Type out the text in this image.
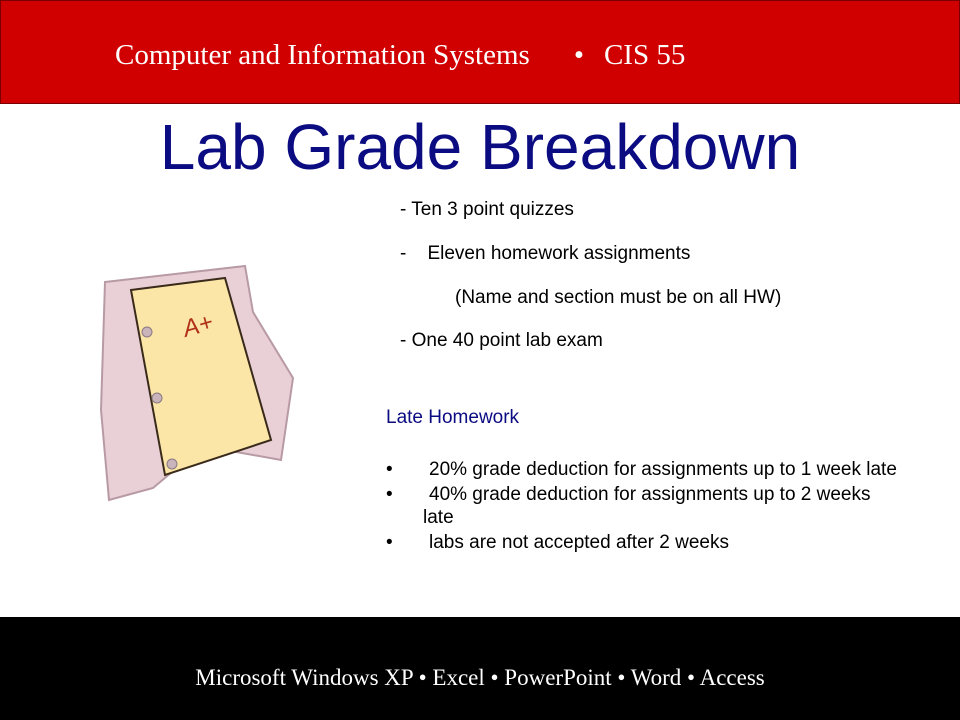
Computer and Information Systems • CIS 55
Lab Grade Breakdown
A+
- Ten 3 point quizzes
-    Eleven homework assignments
(Name and section must be on all HW)
- One 40 point lab exam
Late Homework
•	20% grade deduction for assignments up to 1 week late
•	40% grade deduction for assignments up to 2 weeks late
•	labs are not accepted after 2 weeks
Microsoft Windows XP • Excel • PowerPoint • Word • Access
